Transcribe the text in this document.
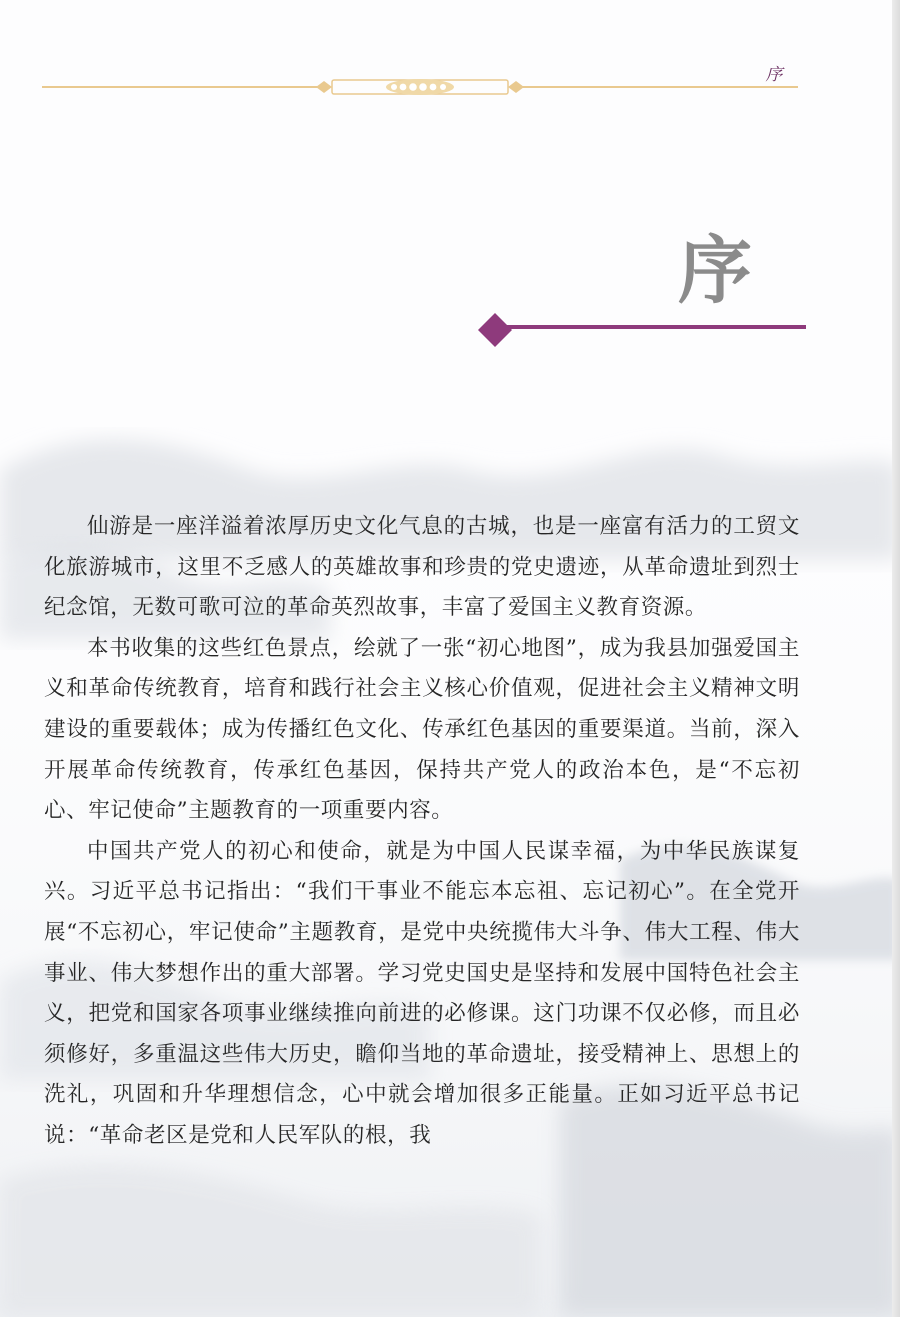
序
序

仙游是一座洋溢着浓厚历史文化气息的古城，也是一座富有活力的工贸文化旅游城市，这里不乏感人的英雄故事和珍贵的党史遗迹，从革命遗址到烈士纪念馆，无数可歌可泣的革命英烈故事，丰富了爱国主义教育资源。

本书收集的这些红色景点，绘就了一张“初心地图”，成为我县加强爱国主义和革命传统教育，培育和践行社会主义核心价值观，促进社会主义精神文明建设的重要载体；成为传播红色文化、传承红色基因的重要渠道。当前，深入开展革命传统教育，传承红色基因，保持共产党人的政治本色，是“不忘初心、牢记使命”主题教育的一项重要内容。

中国共产党人的初心和使命，就是为中国人民谋幸福，为中华民族谋复兴。习近平总书记指出：“我们干事业不能忘本忘祖、忘记初心”。在全党开展“不忘初心，牢记使命”主题教育，是党中央统揽伟大斗争、伟大工程、伟大事业、伟大梦想作出的重大部署。学习党史国史是坚持和发展中国特色社会主义，把党和国家各项事业继续推向前进的必修课。这门功课不仅必修，而且必须修好，多重温这些伟大历史，瞻仰当地的革命遗址，接受精神上、思想上的洗礼，巩固和升华理想信念，心中就会增加很多正能量。正如习近平总书记说：“革命老区是党和人民军队的根，我
